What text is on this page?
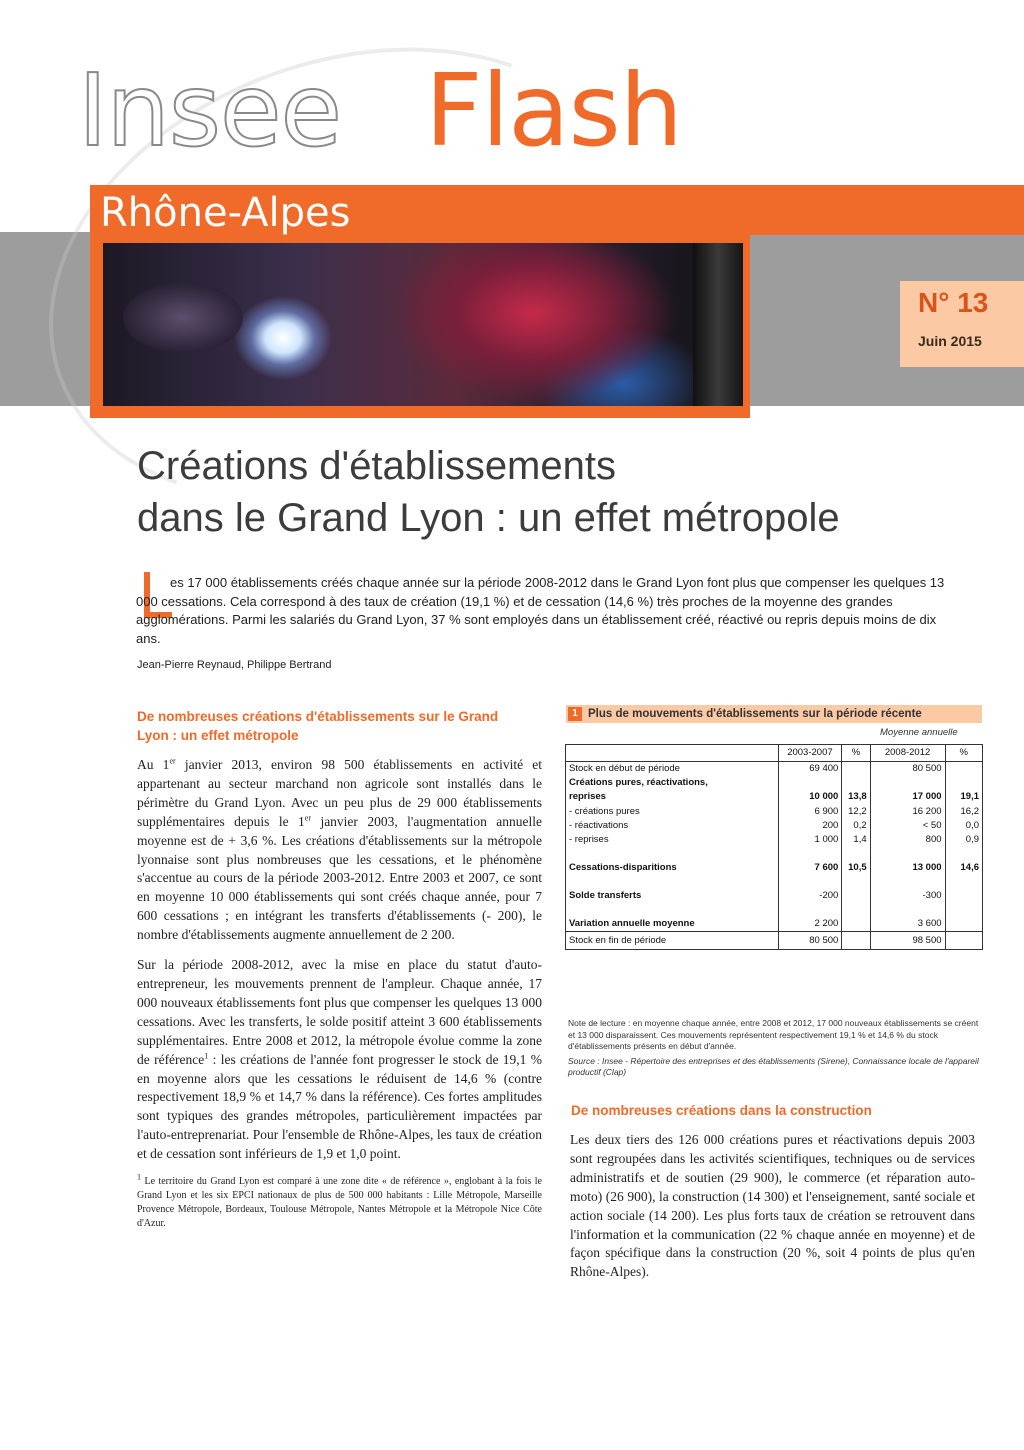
Insee Flash
Rhône-Alpes
N° 13
Juin 2015
Créations d'établissements
dans le Grand Lyon : un effet métropole
es 17 000 établissements créés chaque année sur la période 2008-2012 dans le Grand Lyon font plus que compenser les quelques 13 000 cessations. Cela correspond à des taux de création (19,1 %) et de cessation (14,6 %) très proches de la moyenne des grandes agglomérations. Parmi les salariés du Grand Lyon, 37 % sont employés dans un établissement créé, réactivé ou repris depuis moins de dix ans.
Jean-Pierre Reynaud, Philippe Bertrand
De nombreuses créations d'établissements sur le Grand Lyon : un effet métropole

Au 1er janvier 2013, environ 98 500 établissements en activité et appartenant au secteur marchand non agricole sont installés dans le périmètre du Grand Lyon. Avec un peu plus de 29 000 établissements supplémentaires depuis le 1er janvier 2003, l'augmentation annuelle moyenne est de + 3,6 %. Les créations d'établissements sur la métropole lyonnaise sont plus nombreuses que les cessations, et le phénomène s'accentue au cours de la période 2003-2012. Entre 2003 et 2007, ce sont en moyenne 10 000 établissements qui sont créés chaque année, pour 7 600 cessations ; en intégrant les transferts d'établissements (- 200), le nombre d'établissements augmente annuellement de 2 200.

Sur la période 2008-2012, avec la mise en place du statut d'auto-entrepreneur, les mouvements prennent de l'ampleur. Chaque année, 17 000 nouveaux établissements font plus que compenser les quelques 13 000 cessations. Avec les transferts, le solde positif atteint 3 600 établissements supplémentaires. Entre 2008 et 2012, la métropole évolue comme la zone de référence$^1$ : les créations de l'année font progresser le stock de 19,1 % en moyenne alors que les cessations le réduisent de 14,6 % (contre respectivement 18,9 % et 14,7 % dans la référence). Ces fortes amplitudes sont typiques des grandes métropoles, particulièrement impactées par l'auto-entreprenariat. Pour l'ensemble de Rhône-Alpes, les taux de création et de cessation sont inférieurs de 1,9 et 1,0 point.

$^1$ Le territoire du Grand Lyon est comparé à une zone dite « de référence », englobant à la fois le Grand Lyon et les six EPCI nationaux de plus de 500 000 habitants : Lille Métropole, Marseille Provence Métropole, Bordeaux, Toulouse Métropole, Nantes Métropole et la Métropole Nice Côte d'Azur.

1 Plus de mouvements d'établissements sur la période récente
Moyenne annuelle
	2003-2007	%	2008-2012	%
Stock en début de période	69 400		80 500	
Créations pures, réactivations,				
reprises	10 000	13,8	17 000	19,1
- créations pures	6 900	12,2	16 200	16,2
- réactivations	200	0,2	< 50	0,0
- reprises	1 000	1,4	800	0,9
Cessations-disparitions	7 600	10,5	13 000	14,6
Solde transferts	-200		-300	
Variation annuelle moyenne	2 200		3 600	
Stock en fin de période	80 500		98 500	

Note de lecture : en moyenne chaque année, entre 2008 et 2012, 17 000 nouveaux établissements se créent et 13 000 disparaissent. Ces mouvements représentent respectivement 19,1 % et 14,6 % du stock d'établissements présents en début d'année.

Source : Insee - Répertoire des entreprises et des établissements (Sirene), Connaissance locale de l'appareil productif (Clap)

De nombreuses créations dans la construction

Les deux tiers des 126 000 créations pures et réactivations depuis 2003 sont regroupées dans les activités scientifiques, techniques ou de services administratifs et de soutien (29 900), le commerce (et réparation auto-moto) (26 900), la construction (14 300) et l'enseignement, santé sociale et action sociale (14 200). Les plus forts taux de création se retrouvent dans l'information et la communication (22 % chaque année en moyenne) et de façon spécifique dans la construction (20 %, soit 4 points de plus qu'en Rhône-Alpes).
